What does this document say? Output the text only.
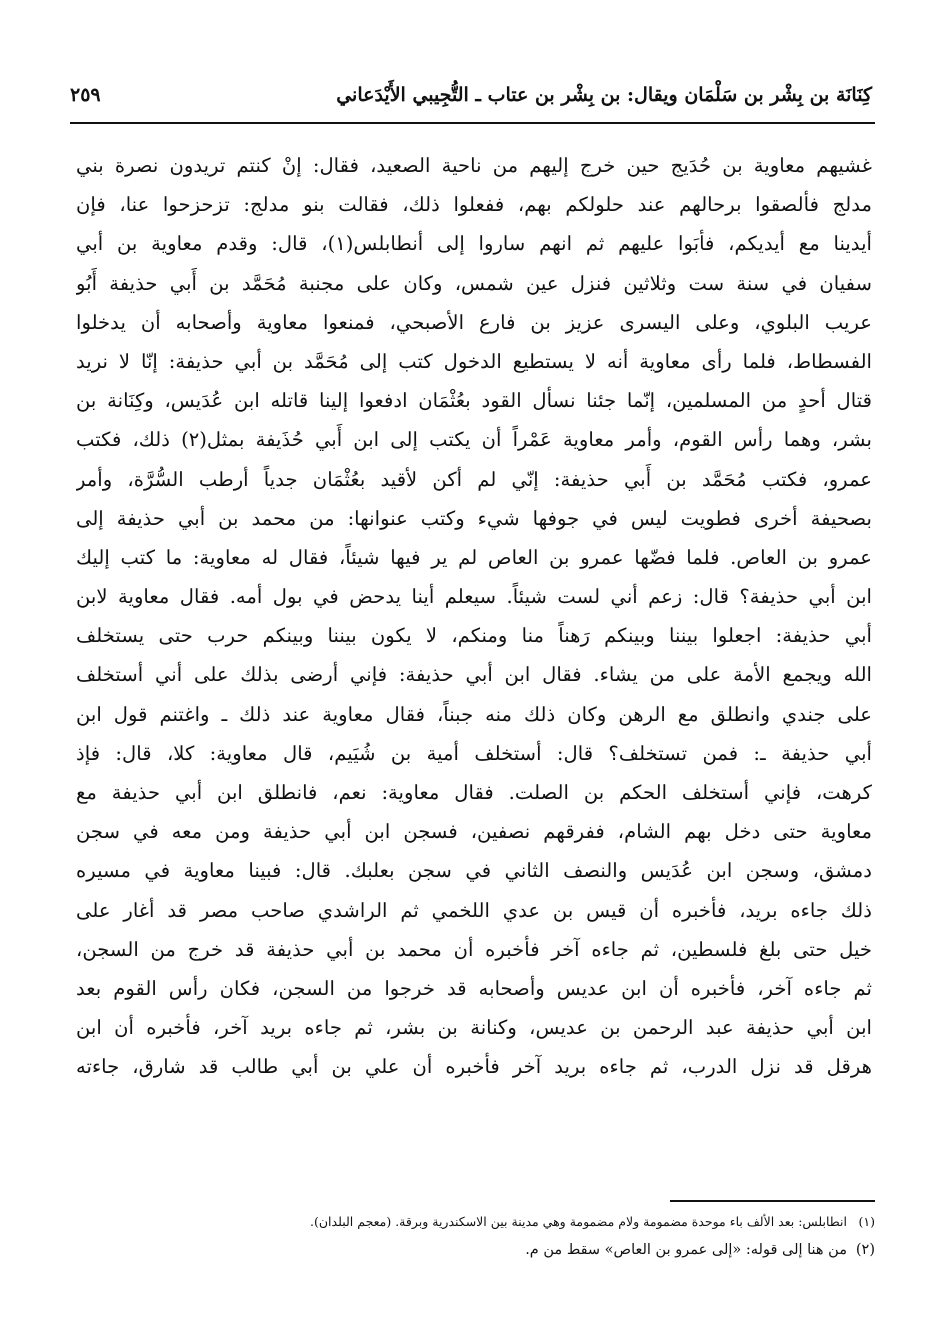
كِنَانَة بن بِشْر بن سَلْمَان ويقال: بن بِشْر بن عتاب ـ التُّجِيبي الأَيْدَعاني
٢٥٩
غشيهم معاوية بن حُدَيج حين خرج إليهم من ناحية الصعيد، فقال: إنْ كنتم تريدون نصرة بني
مدلج فألصقوا برحالهم عند حلولكم بهم، ففعلوا ذلك، فقالت بنو مدلج: تزحزحوا عنا، فإن
أيدينا مع أيديكم، فأبَوا عليهم ثم انهم ساروا إلى أنطابلس(١)، قال: وقدم معاوية بن أبي
سفيان في سنة ست وثلاثين فنزل عين شمس، وكان على مجنبة مُحَمَّد بن أَبي حذيفة أَبُو
عريب البلوي، وعلى اليسرى عزيز بن فارع الأصبحي، فمنعوا معاوية وأصحابه أن يدخلوا
الفسطاط، فلما رأى معاوية أنه لا يستطيع الدخول كتب إلى مُحَمَّد بن أبي حذيفة: إنّا لا نريد
قتال أحدٍ من المسلمين، إنّما جئنا نسأل القود بعُثْمَان ادفعوا إلينا قاتله ابن عُدَيس، وكِنَانة بن
بشر، وهما رأس القوم، وأمر معاوية عَمْراً أن يكتب إلى ابن أَبي حُذَيفة بمثل(٢) ذلك، فكتب
عمرو، فكتب مُحَمَّد بن أَبي حذيفة: إنّي لم أكن لأقيد بعُثْمَان جدياً أرطب السُّرَّة، وأمر
بصحيفة أخرى فطويت ليس في جوفها شيء وكتب عنوانها: من محمد بن أبي حذيفة إلى
عمرو بن العاص. فلما فضّها عمرو بن العاص لم ير فيها شيئاً، فقال له معاوية: ما كتب إليك
ابن أبي حذيفة؟ قال: زعم أني لست شيئاً. سيعلم أينا يدحض في بول أمه. فقال معاوية لابن
أبي حذيفة: اجعلوا بيننا وبينكم رَهناً منا ومنكم، لا يكون بيننا وبينكم حرب حتى يستخلف
الله ويجمع الأمة على من يشاء. فقال ابن أبي حذيفة: فإني أرضى بذلك على أني أستخلف
على جندي وانطلق مع الرهن وكان ذلك منه جبناً، فقال معاوية عند ذلك ـ واغتنم قول ابن
أبي حذيفة ـ: فمن تستخلف؟ قال: أستخلف أمية بن شُيَيم، قال معاوية: كلا، قال: فإذ
كرهت، فإني أستخلف الحكم بن الصلت. فقال معاوية: نعم، فانطلق ابن أبي حذيفة مع
معاوية حتى دخل بهم الشام، ففرقهم نصفين، فسجن ابن أبي حذيفة ومن معه في سجن
دمشق، وسجن ابن عُدَيس والنصف الثاني في سجن بعلبك. قال: فبينا معاوية في مسيره
ذلك جاءه بريد، فأخبره أن قيس بن عدي اللخمي ثم الراشدي صاحب مصر قد أغار على
خيل حتى بلغ فلسطين، ثم جاءه آخر فأخبره أن محمد بن أبي حذيفة قد خرج من السجن،
ثم جاءه آخر، فأخبره أن ابن عديس وأصحابه قد خرجوا من السجن، فكان رأس القوم بعد
ابن أبي حذيفة عبد الرحمن بن عديس، وكنانة بن بشر، ثم جاءه بريد آخر، فأخبره أن ابن
هرقل قد نزل الدرب، ثم جاءه بريد آخر فأخبره أن علي بن أبي طالب قد شارق، جاءته
(١)انطابلس: بعد الألف باء موحدة مضمومة ولام مضمومة وهي مدينة بين الاسكندرية وبرقة. (معجم البلدان).
(٢)من هنا إلى قوله: «إلى عمرو بن العاص» سقط من م.
